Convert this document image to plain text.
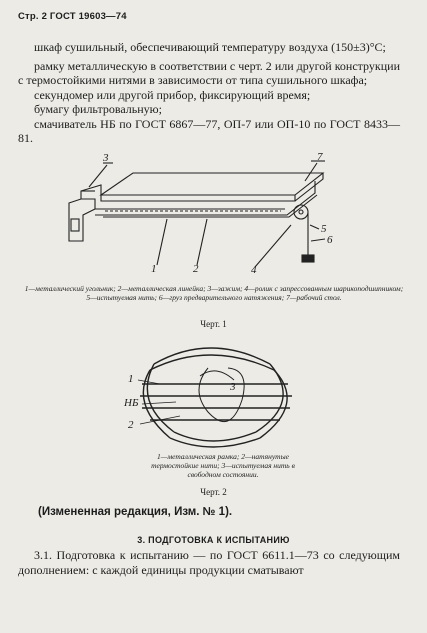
Стр. 2 ГОСТ 19603—74

шкаф сушильный, обеспечивающий температуру воздуха (150±3)°С;

рамку металлическую в соответствии с черт. 2 или другой конструкции с термостойкими нитями в зависимости от типа сушильного шкафа;

секундомер или другой прибор, фиксирующий время;

бумагу фильтровальную;

смачиватель НБ по ГОСТ 6867—77, ОП-7 или ОП-10 по ГОСТ 8433—81.

3	7
1	2	4
5
6
1—металлический угольник; 2—металлическая линейка; 3—зажим; 4—ролик с запрессованным шарикоподшипником; 5—испытуемая нить; 6—груз предварительного натяжения; 7—рабочий стол.
Черт. 1
1
НБ
2
3
1—металлическая рамка; 2—натянутые термостойкие нити; 3—испытуемая нить в свободном состоянии.
Черт. 2
(Измененная редакция, Изм. № 1).
3. ПОДГОТОВКА К ИСПЫТАНИЮ

3.1. Подготовка к испытанию — по ГОСТ 6611.1—73 со следующим дополнением: с каждой единицы продукции сматывают
